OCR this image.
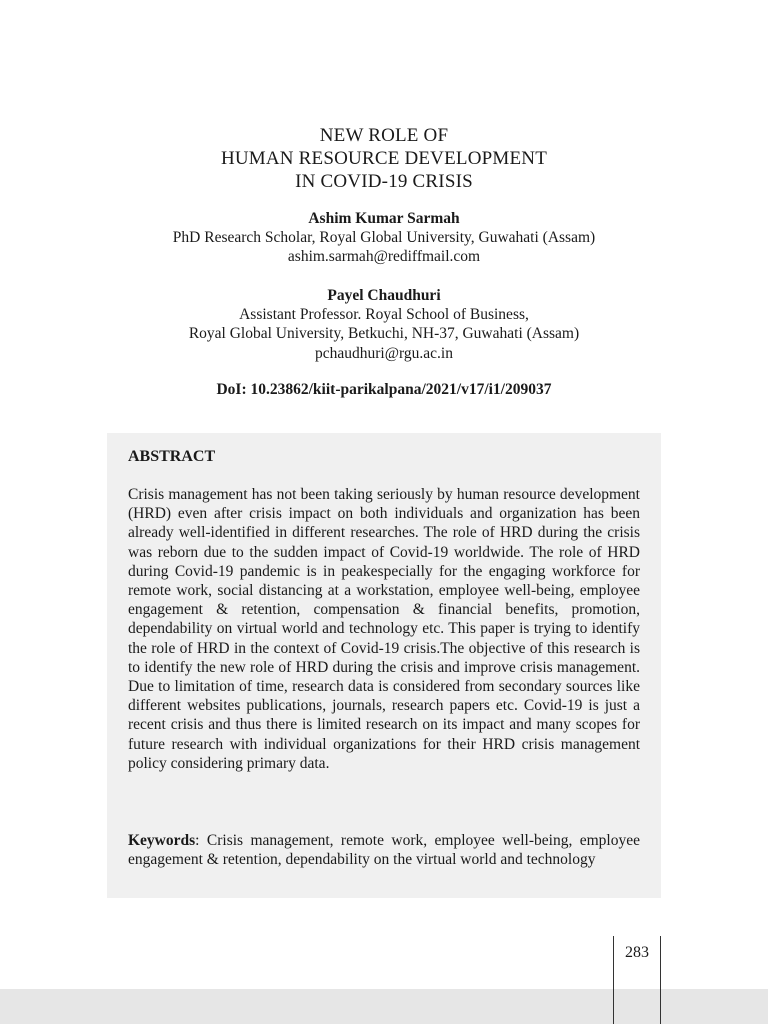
NEW ROLE OF
HUMAN RESOURCE DEVELOPMENT
IN COVID-19 CRISIS
Ashim Kumar Sarmah
PhD Research Scholar, Royal Global University, Guwahati (Assam)
ashim.sarmah@rediffmail.com
Payel Chaudhuri
Assistant Professor. Royal School of Business,
Royal Global University, Betkuchi, NH-37, Guwahati (Assam)
pchaudhuri@rgu.ac.in
DoI: 10.23862/kiit-parikalpana/2021/v17/i1/209037
ABSTRACT
Crisis management has not been taking seriously by human resource development (HRD) even after crisis impact on both individuals and organization has been already well-identified in different researches. The role of HRD during the crisis was reborn due to the sudden impact of Covid-19 worldwide. The role of HRD during Covid-19 pandemic is in peakespecially for the engaging workforce for remote work, social distancing at a workstation, employee well-being, employee engagement & retention, compensation & financial benefits, promotion, dependability on virtual world and technology etc. This paper is trying to identify the role of HRD in the context of Covid-19 crisis.The objective of this research is to identify the new role of HRD during the crisis and improve crisis management. Due to limitation of time, research data is considered from secondary sources like different websites publications, journals, research papers etc. Covid-19 is just a recent crisis and thus there is limited research on its impact and many scopes for future research with individual organizations for their HRD crisis management policy considering primary data.
Keywords: Crisis management, remote work, employee well-being, employee engagement & retention, dependability on the virtual world and technology
283
